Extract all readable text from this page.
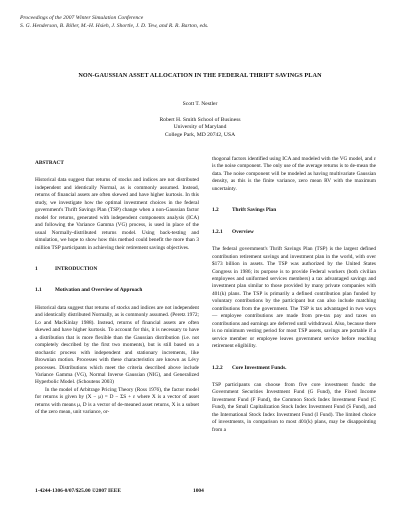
Proceedings of the 2007 Winter Simulation Conference
S. G. Henderson, B. Biller, M.-H. Hsieh, J. Shortle, J. D. Tew, and R. R. Barton, eds.
NON-GAUSSIAN ASSET ALLOCATION IN THE FEDERAL THRIFT SAVINGS PLAN
Scott T. Nestler
Robert H. Smith School of Business
University of Maryland
College Park, MD 20742, USA
ABSTRACT

Historical data suggest that returns of stocks and indices are not distributed independent and identically Normal, as is commonly assumed. Instead, returns of financial assets are often skewed and have higher kurtosis. In this study, we investigate how the optimal investment choices in the federal government's Thrift Savings Plan (TSP) change when a non-Gaussian factor model for returns, generated with independent components analysis (ICA) and following the Variance Gamma (VG) process, is used in place of the usual Normally-distributed returns model. Using back-testing and simulation, we hope to show how this method could benefit the more than 3 million TSP participants in achieving their retirement savings objectives.

1	INTRODUCTION
1.1	Motivation and Overview of Approach

Historical data suggest that returns of stocks and indices are not independent and identically distributed Normally, as is commonly assumed. (Peretz 1972; Lo and MacKinlay 1988). Instead, returns of financial assets are often skewed and have higher kurtosis. To account for this, it is necessary to have a distribution that is more flexible than the Gaussian distribution (i.e. not completely described by the first two moments), but is still based on a stochastic process with independent and stationary increments, like Brownian motion. Processes with these characteristics are known as Lévy processes. Distributions which meet the criteria described above include Variance Gamma (VG), Normal Inverse Gaussian (NIG), and Generalized Hyperbolic Model. (Schoutens 2003)

In the model of Arbitrage Pricing Theory (Ross 1976), the factor model for returns is given by (X − μ) = D − ΣS + ε where X is a vector of asset returns with means μ, D is a vector of de-meaned asset returns, X is a subset of the zero mean, unit variance, or-

thogonal factors identified using ICA and modeled with the VG model, and ε is the noise component. The only use of the average returns is to de-mean the data. The noise component will be modeled as having multivariate Gaussian density, as this is the finite variance, zero mean RV with the maximum uncertainty.

1.2	Thrift Savings Plan
1.2.1 Overview

The federal government's Thrift Savings Plan (TSP) is the largest defined contribution retirement savings and investment plan in the world, with over $173 billion in assets. The TSP was authorized by the United States Congress in 1986; its purpose is to provide Federal workers (both civilian employees and uniformed services members) a tax advantaged savings and investment plan similar to those provided by many private companies with 401(k) plans. The TSP is primarily a defined contribution plan funded by voluntary contributions by the participant but can also include matching contributions from the government. The TSP is tax advantaged in two ways— employee contributions are made from pre-tax pay and taxes on contributions and earnings are deferred until withdrawal. Also, because there is no minimum vesting period for most TSP assets, savings are portable if a service member or employee leaves government service before reaching retirement eligibility.

1.2.2 Core Investment Funds.

TSP participants can choose from five core investment funds: the Government Securities Investment Fund (G Fund), the Fixed Income Investment Fund (F Fund), the Common Stock Index Investment Fund (C Fund), the Small Capitalization Stock Index Investment Fund (S Fund), and the International Stock Index Investment Fund (I Fund). The limited choice of investments, in comparison to most 401(k) plans, may be disappointing from a

1-4244-1306-0/07/$25.00 ©2007 IEEE	1004
